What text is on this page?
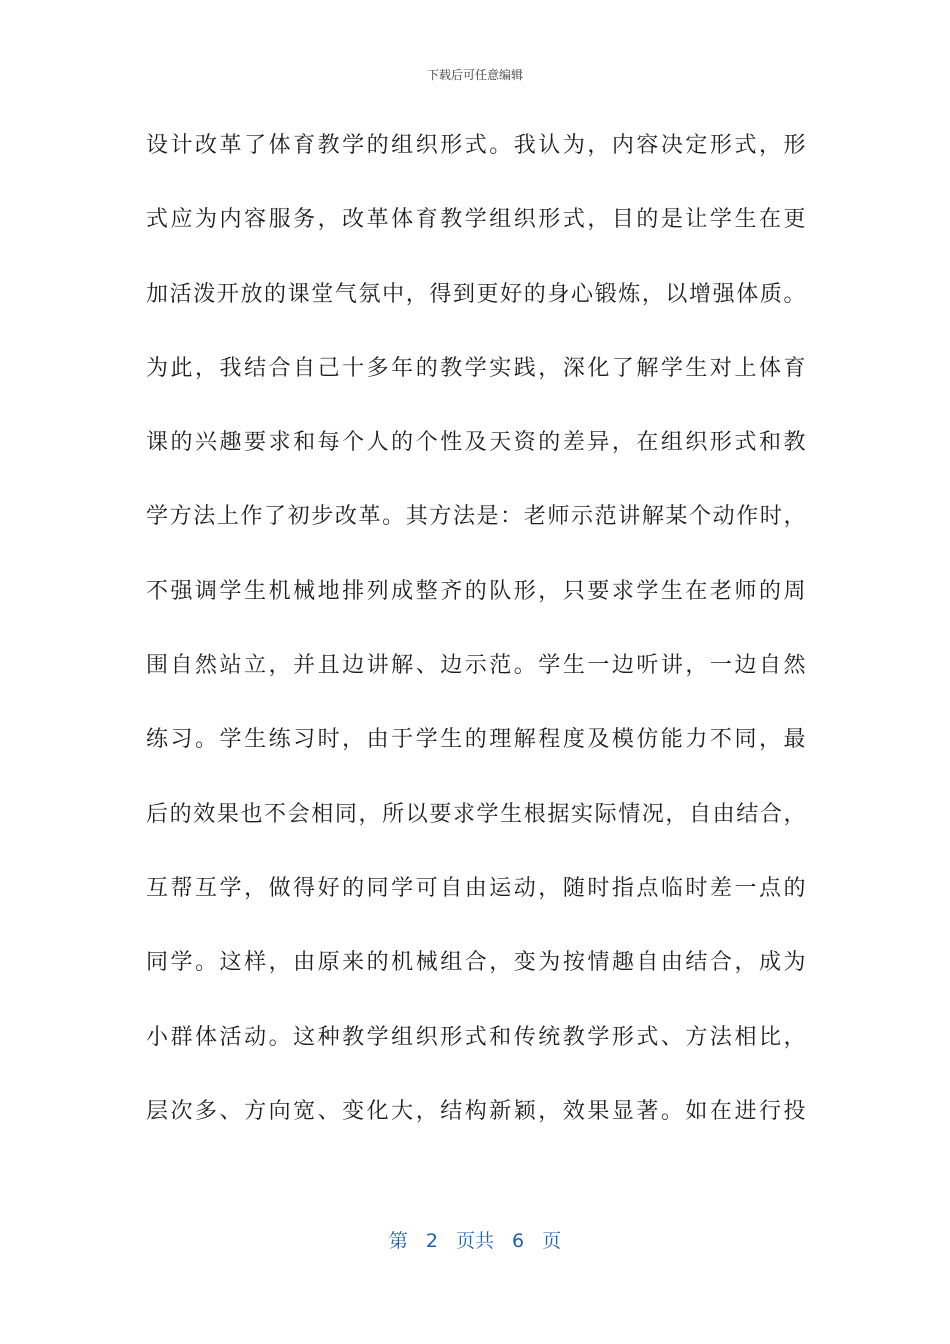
下载后可任意编辑
设计改革了体育教学的组织形式。我认为，内容决定形式，形
式应为内容服务，改革体育教学组织形式，目的是让学生在更
加活泼开放的课堂气氛中，得到更好的身心锻炼，以增强体质。
为此，我结合自己十多年的教学实践，深化了解学生对上体育
课的兴趣要求和每个人的个性及天资的差异，在组织形式和教
学方法上作了初步改革。其方法是：老师示范讲解某个动作时，
不强调学生机械地排列成整齐的队形，只要求学生在老师的周
围自然站立，并且边讲解、边示范。学生一边听讲，一边自然
练习。学生练习时，由于学生的理解程度及模仿能力不同，最
后的效果也不会相同，所以要求学生根据实际情况，自由结合，
互帮互学，做得好的同学可自由运动，随时指点临时差一点的
同学。这样，由原来的机械组合，变为按情趣自由结合，成为
小群体活动。这种教学组织形式和传统教学形式、方法相比，
层次多、方向宽、变化大，结构新颖，效果显著。如在进行投
第 2 页共 6 页
